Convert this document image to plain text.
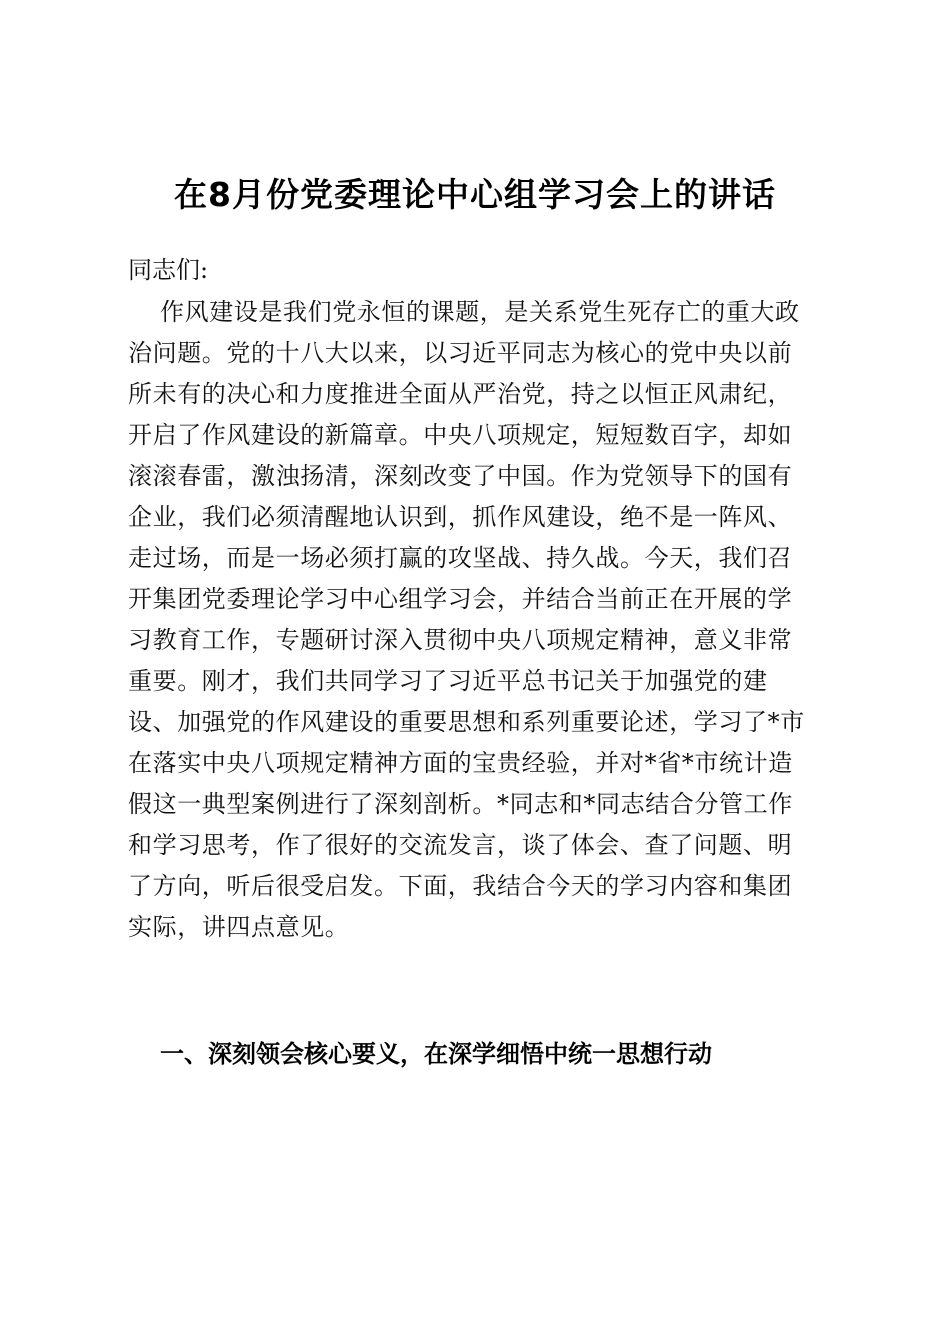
在8月份党委理论中心组学习会上的讲话
同志们:
作风建设是我们党永恒的课题，是关系党生死存亡的重大政
治问题。党的十八大以来，以习近平同志为核心的党中央以前
所未有的决心和力度推进全面从严治党，持之以恒正风肃纪，
开启了作风建设的新篇章。中央八项规定，短短数百字，却如
滚滚春雷，激浊扬清，深刻改变了中国。作为党领导下的国有
企业，我们必须清醒地认识到，抓作风建设，绝不是一阵风、
走过场，而是一场必须打赢的攻坚战、持久战。今天，我们召
开集团党委理论学习中心组学习会，并结合当前正在开展的学
习教育工作，专题研讨深入贯彻中央八项规定精神，意义非常
重要。刚才，我们共同学习了习近平总书记关于加强党的建
设、加强党的作风建设的重要思想和系列重要论述，学习了*市
在落实中央八项规定精神方面的宝贵经验，并对*省*市统计造
假这一典型案例进行了深刻剖析。*同志和*同志结合分管工作
和学习思考，作了很好的交流发言，谈了体会、查了问题、明
了方向，听后很受启发。下面，我结合今天的学习内容和集团
实际，讲四点意见。
一、深刻领会核心要义，在深学细悟中统一思想行动
